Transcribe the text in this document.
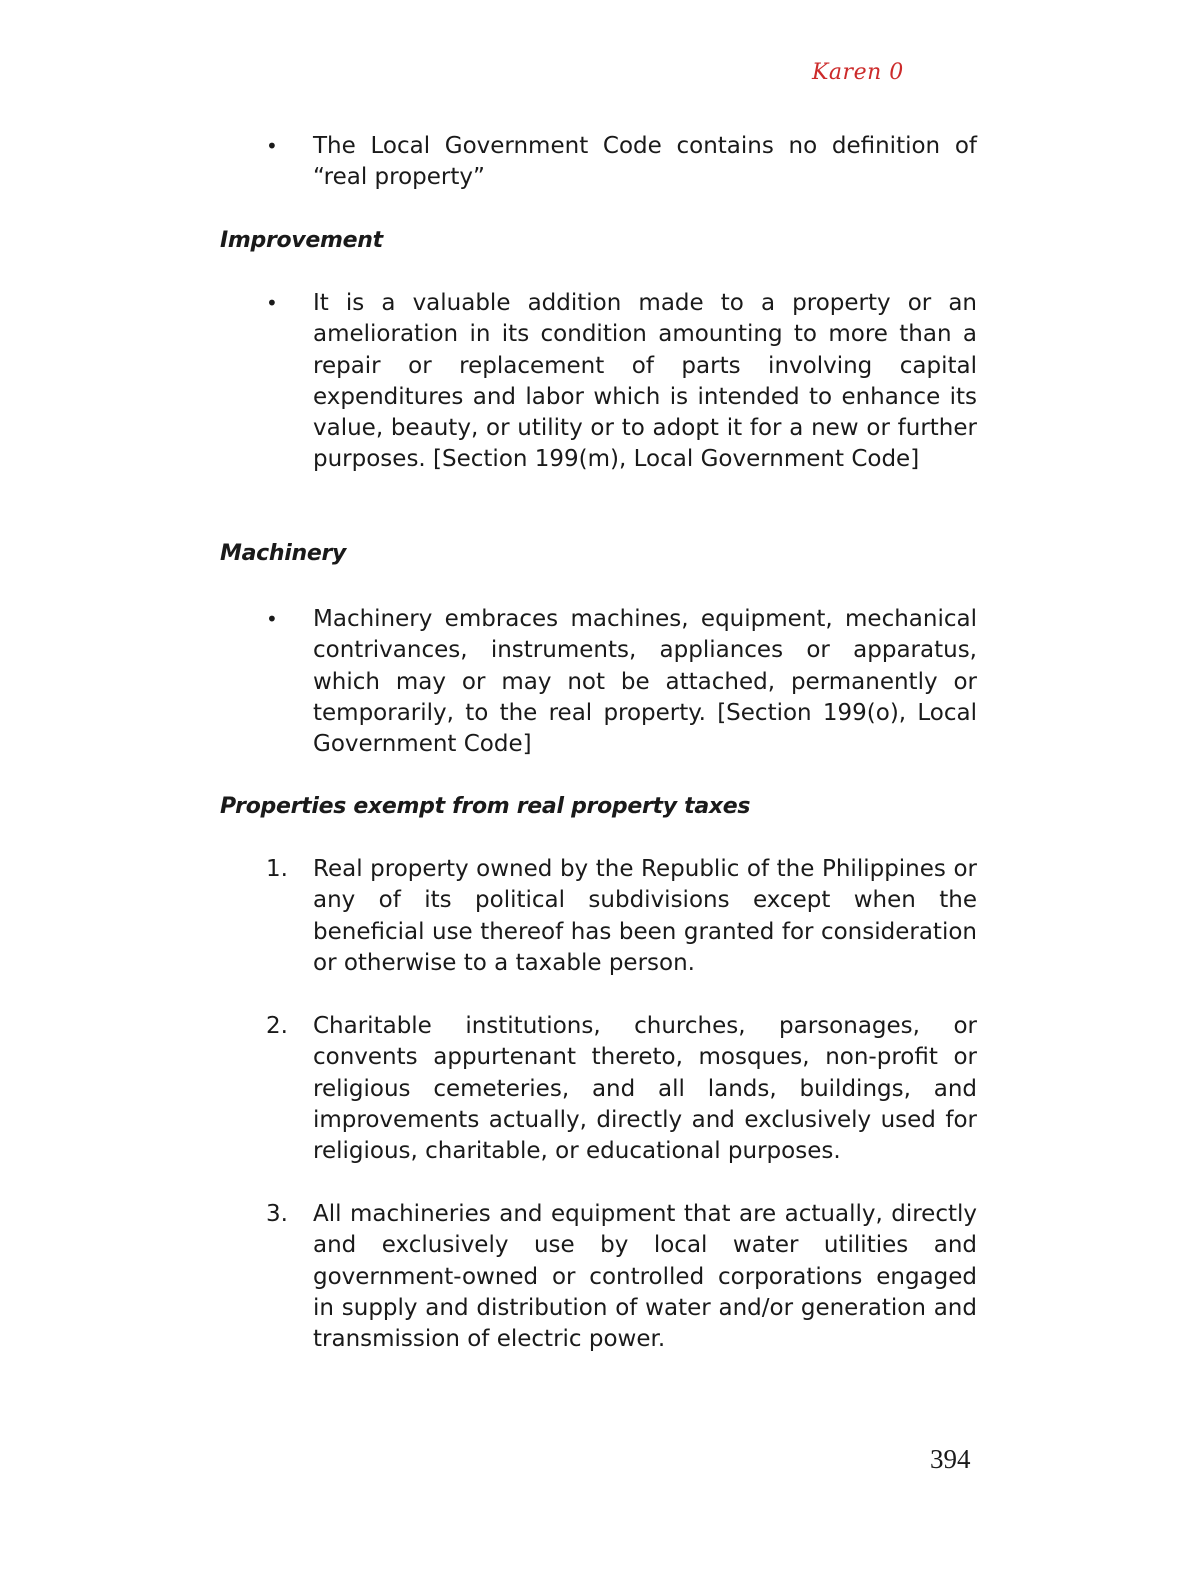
Karen 0
• The Local Government Code contains no definition of “real property”
Improvement
• It is a valuable addition made to a property or an amelioration in its condition amounting to more than a repair or replacement of parts involving capital expenditures and labor which is intended to enhance its value, beauty, or utility or to adopt it for a new or further purposes. [Section 199(m), Local Government Code]
Machinery
• Machinery embraces machines, equipment, mechanical contrivances, instruments, appliances or apparatus, which may or may not be attached, permanently or temporarily, to the real property. [Section 199(o), Local Government Code]
Properties exempt from real property taxes
1. Real property owned by the Republic of the Philippines or any of its political subdivisions except when the beneficial use thereof has been granted for consideration or otherwise to a taxable person.
2. Charitable institutions, churches, parsonages, or convents appurtenant thereto, mosques, non-profit or religious cemeteries, and all lands, buildings, and improvements actually, directly and exclusively used for religious, charitable, or educational purposes.
3. All machineries and equipment that are actually, directly and exclusively use by local water utilities and government-owned or controlled corporations engaged in supply and distribution of water and/or generation and transmission of electric power.
394
